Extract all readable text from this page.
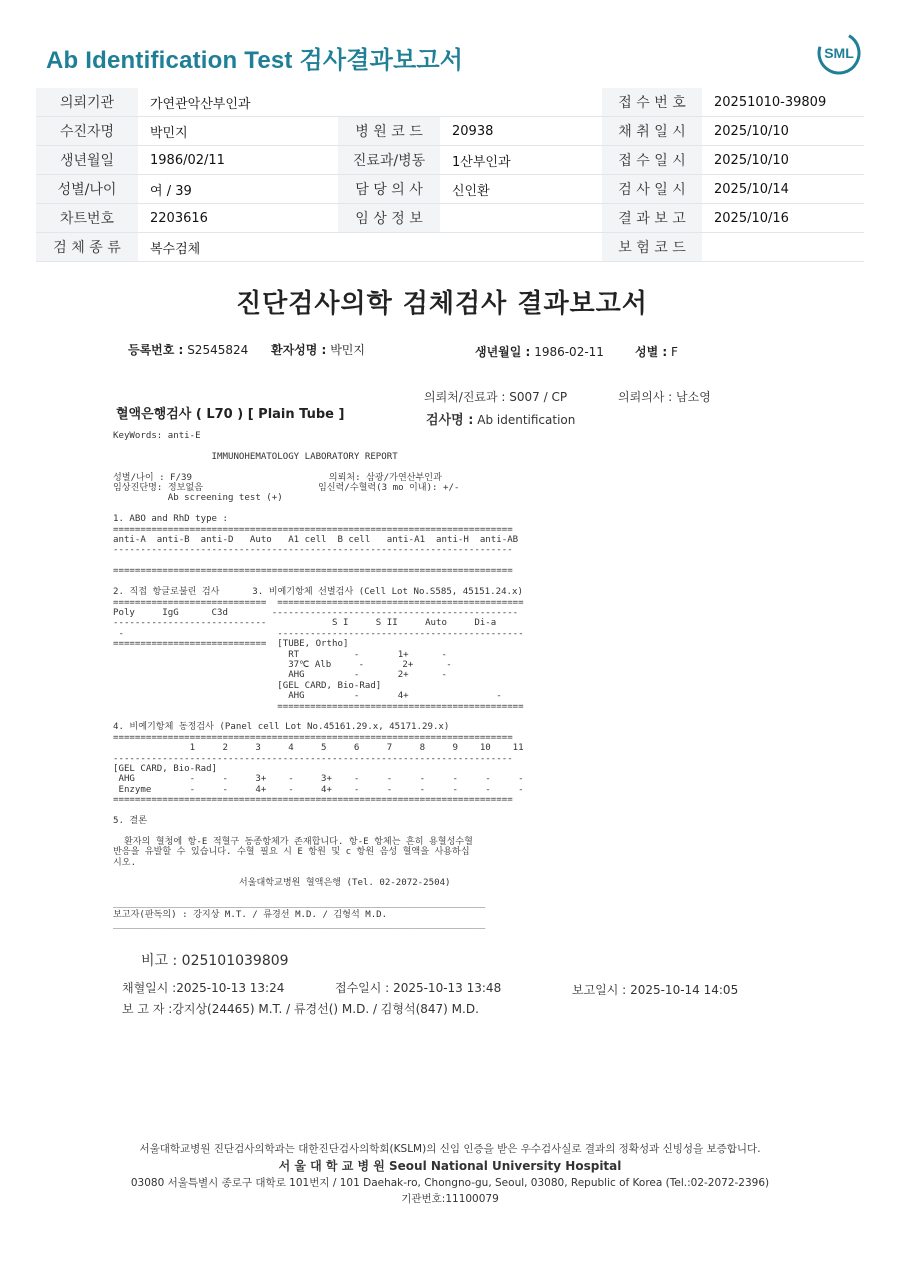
Ab Identification Test 검사결과보고서	SML
의뢰기관	가연관악산부인과			접 수 번 호	20251010-39809
수진자명	박민지	병 원 코 드	20938	채 취 일 시	2025/10/10
생년월일	1986/02/11	진료과/병동	1산부인과	접 수 일 시	2025/10/10
성별/나이	여 / 39	담 당 의 사	신인환	검 사 일 시	2025/10/14
차트번호	2203616	임 상 정 보		결 과 보 고	2025/10/16
검 체 종 류	복수검체			보 험 코 드	
진단검사의학 검체검사 결과보고서
등록번호 : S2545824 환자성명 : 박민지	생년월일 : 1986-02-11	성별 : F
의뢰처/진료과 : S007 / CP	의뢰의사 : 남소영
혈액은행검사 ( L70 ) [ Plain Tube ]	검사명 : Ab identification
KeyWords: anti-E

IMMUNOHEMATOLOGY LABORATORY REPORT

성별/나이 : F/39                         의뢰처: 삼광/가연산부인과
임상진단명: 정보없음                     임신력/수혈력(3 mo 이내): +/-
Ab screening test (+)

1. ABO and RhD type :
=========================================================================
anti-A  anti-B  anti-D   Auto   A1 cell  B cell   anti-A1  anti-H  anti-AB
-------------------------------------------------------------------------

=========================================================================

2. 직접 항글로불린 검사      3. 비예기항체 선별검사 (Cell Lot No.S585, 45151.24.x)
============================  =============================================
Poly     IgG      C3d        ---------------------------------------------
----------------------------            S I     S II     Auto     Di-a
-                            ---------------------------------------------
============================  [TUBE, Ortho]
RT          -       1+      -
37℃ Alb     -       2+      -
AHG         -       2+      -
[GEL CARD, Bio-Rad]
AHG         -       4+                -
=============================================

4. 비예기항체 동정검사 (Panel cell Lot No.45161.29.x, 45171.29.x)
=========================================================================
1     2     3     4     5     6     7     8     9    10    11
-------------------------------------------------------------------------
[GEL CARD, Bio-Rad]
AHG          -     -     3+    -     3+    -     -     -     -     -     -
Enzyme       -     -     4+    -     4+    -     -     -     -     -     -
=========================================================================

5. 결론

환자의 혈청에 항-E 적혈구 동종항체가 존재합니다. 항-E 항체는 흔히 용혈성수혈
반응을 유발할 수 있습니다. 수혈 필요 시 E 항원 및 c 항원 음성 혈액을 사용하십
시오.

서울대학교병원 혈액은행 (Tel. 02-2072-2504)

____________________________________________________________________
보고자(판독의) : 강지상 M.T. / 류경선 M.D. / 김형석 M.D.
____________________________________________________________________
비고 : 025101039809
채혈일시 :2025-10-13 13:24	접수일시 : 2025-10-13 13:48	보고일시 : 2025-10-14 14:05
보 고 자 :강지상(24465) M.T. / 류경선() M.D. / 김형석(847) M.D.
서울대학교병원 진단검사의학과는 대한진단검사의학회(KSLM)의 신임 인증을 받은 우수검사실로 결과의 정확성과 신빙성을 보증합니다.
서 울 대 학 교 병 원 Seoul National University Hospital
03080 서울특별시 종로구 대학로 101번지 / 101 Daehak-ro, Chongno-gu, Seoul, 03080, Republic of Korea (Tel.:02-2072-2396)
기관번호:11100079
